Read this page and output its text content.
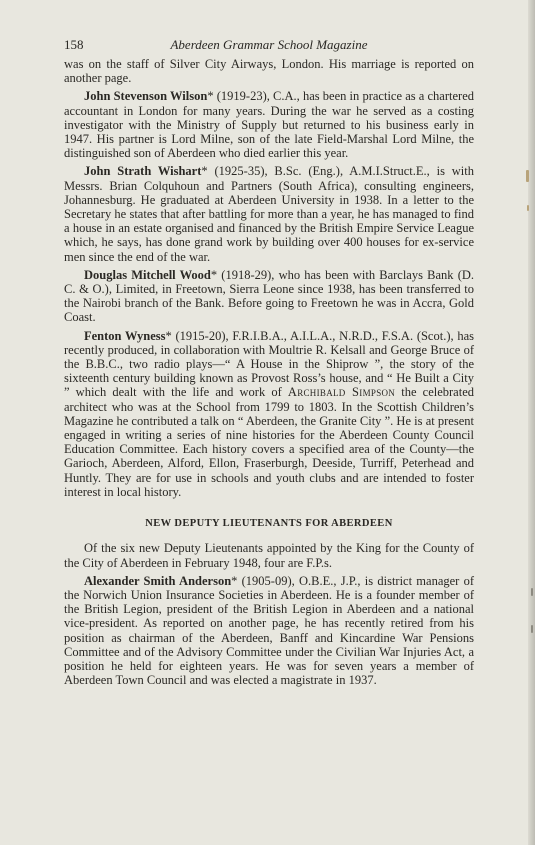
Aberdeen Grammar School Magazine
158

was on the staff of Silver City Airways, London. His marriage is reported on another page.

John Stevenson Wilson* (1919-23), C.A., has been in practice as a chartered accountant in London for many years. During the war he served as a costing investigator with the Ministry of Supply but returned to his business early in 1947. His partner is Lord Milne, son of the late Field-Marshal Lord Milne, the distinguished son of Aberdeen who died earlier this year.

John Strath Wishart* (1925-35), B.Sc. (Eng.), A.M.I.Struct.E., is with Messrs. Brian Colquhoun and Partners (South Africa), consulting engineers, Johannesburg. He graduated at Aberdeen University in 1938. In a letter to the Secretary he states that after battling for more than a year, he has managed to find a house in an estate organised and financed by the British Empire Service League which, he says, has done grand work by building over 400 houses for ex-service men since the end of the war.

Douglas Mitchell Wood* (1918-29), who has been with Barclays Bank (D. C. & O.), Limited, in Freetown, Sierra Leone since 1938, has been transferred to the Nairobi branch of the Bank. Before going to Freetown he was in Accra, Gold Coast.

Fenton Wyness* (1915-20), F.R.I.B.A., A.I.L.A., N.R.D., F.S.A. (Scot.), has recently produced, in collaboration with Moultrie R. Kelsall and George Bruce of the B.B.C., two radio plays—“ A House in the Shiprow ”, the story of the sixteenth century building known as Provost Ross’s house, and “ He Built a City ” which dealt with the life and work of Archibald Simpson the celebrated architect who was at the School from 1799 to 1803. In the Scottish Children’s Magazine he contributed a talk on “ Aberdeen, the Granite City ”. He is at present engaged in writing a series of nine histories for the Aberdeen County Council Education Committee. Each history covers a specified area of the County—the Garioch, Aberdeen, Alford, Ellon, Fraserburgh, Deeside, Turriff, Peterhead and Huntly. They are for use in schools and youth clubs and are intended to foster interest in local history.

NEW DEPUTY LIEUTENANTS FOR ABERDEEN

Of the six new Deputy Lieutenants appointed by the King for the County of the City of Aberdeen in February 1948, four are F.P.s.

Alexander Smith Anderson* (1905-09), O.B.E., J.P., is district manager of the Norwich Union Insurance Societies in Aberdeen. He is a founder member of the British Legion, president of the British Legion in Aberdeen and a national vice-president. As reported on another page, he has recently retired from his position as chairman of the Aberdeen, Banff and Kincardine War Pensions Committee and of the Advisory Committee under the Civilian War Injuries Act, a position he held for eighteen years. He was for seven years a member of Aberdeen Town Council and was elected a magistrate in 1937.
